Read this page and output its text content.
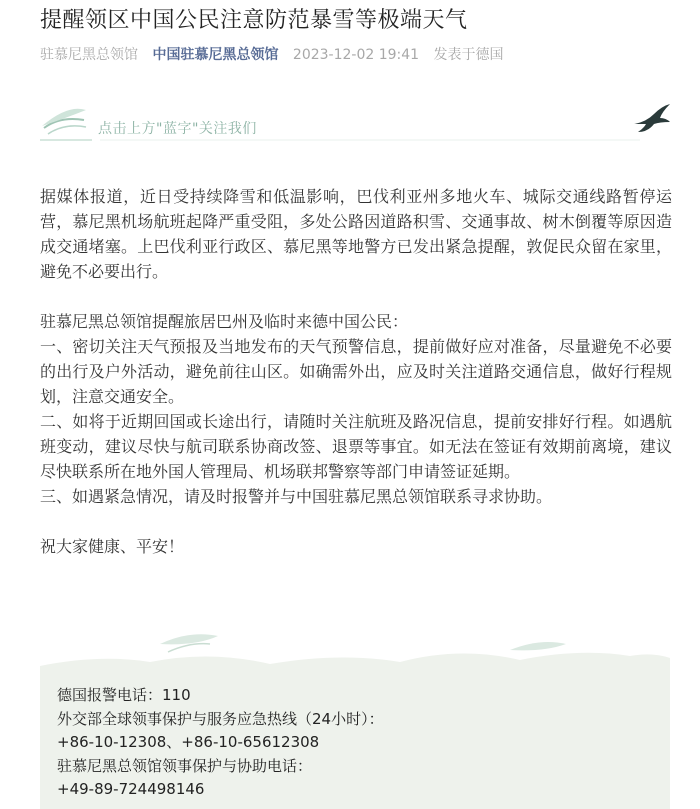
提醒领区中国公民注意防范暴雪等极端天气
驻慕尼黑总领馆 中国驻慕尼黑总领馆 2023-12-02 19:41 发表于德国
点击上方"蓝字"关注我们

据媒体报道，近日受持续降雪和低温影响，巴伐利亚州多地火车、城际交通线路暂停运营，慕尼黑机场航班起降严重受阻，多处公路因道路积雪、交通事故、树木倒覆等原因造成交通堵塞。上巴伐利亚行政区、慕尼黑等地警方已发出紧急提醒，敦促民众留在家里，避免不必要出行。

驻慕尼黑总领馆提醒旅居巴州及临时来德中国公民：

一、密切关注天气预报及当地发布的天气预警信息，提前做好应对准备，尽量避免不必要的出行及户外活动，避免前往山区。如确需外出，应及时关注道路交通信息，做好行程规划，注意交通安全。

二、如将于近期回国或长途出行，请随时关注航班及路况信息，提前安排好行程。如遇航班变动，建议尽快与航司联系协商改签、退票等事宜。如无法在签证有效期前离境，建议尽快联系所在地外国人管理局、机场联邦警察等部门申请签证延期。

三、如遇紧急情况，请及时报警并与中国驻慕尼黑总领馆联系寻求协助。

祝大家健康、平安！

德国报警电话：110
外交部全球领事保护与服务应急热线（24小时）：
+86-10-12308、+86-10-65612308
驻慕尼黑总领馆领事保护与协助电话：
+49-89-724498146
